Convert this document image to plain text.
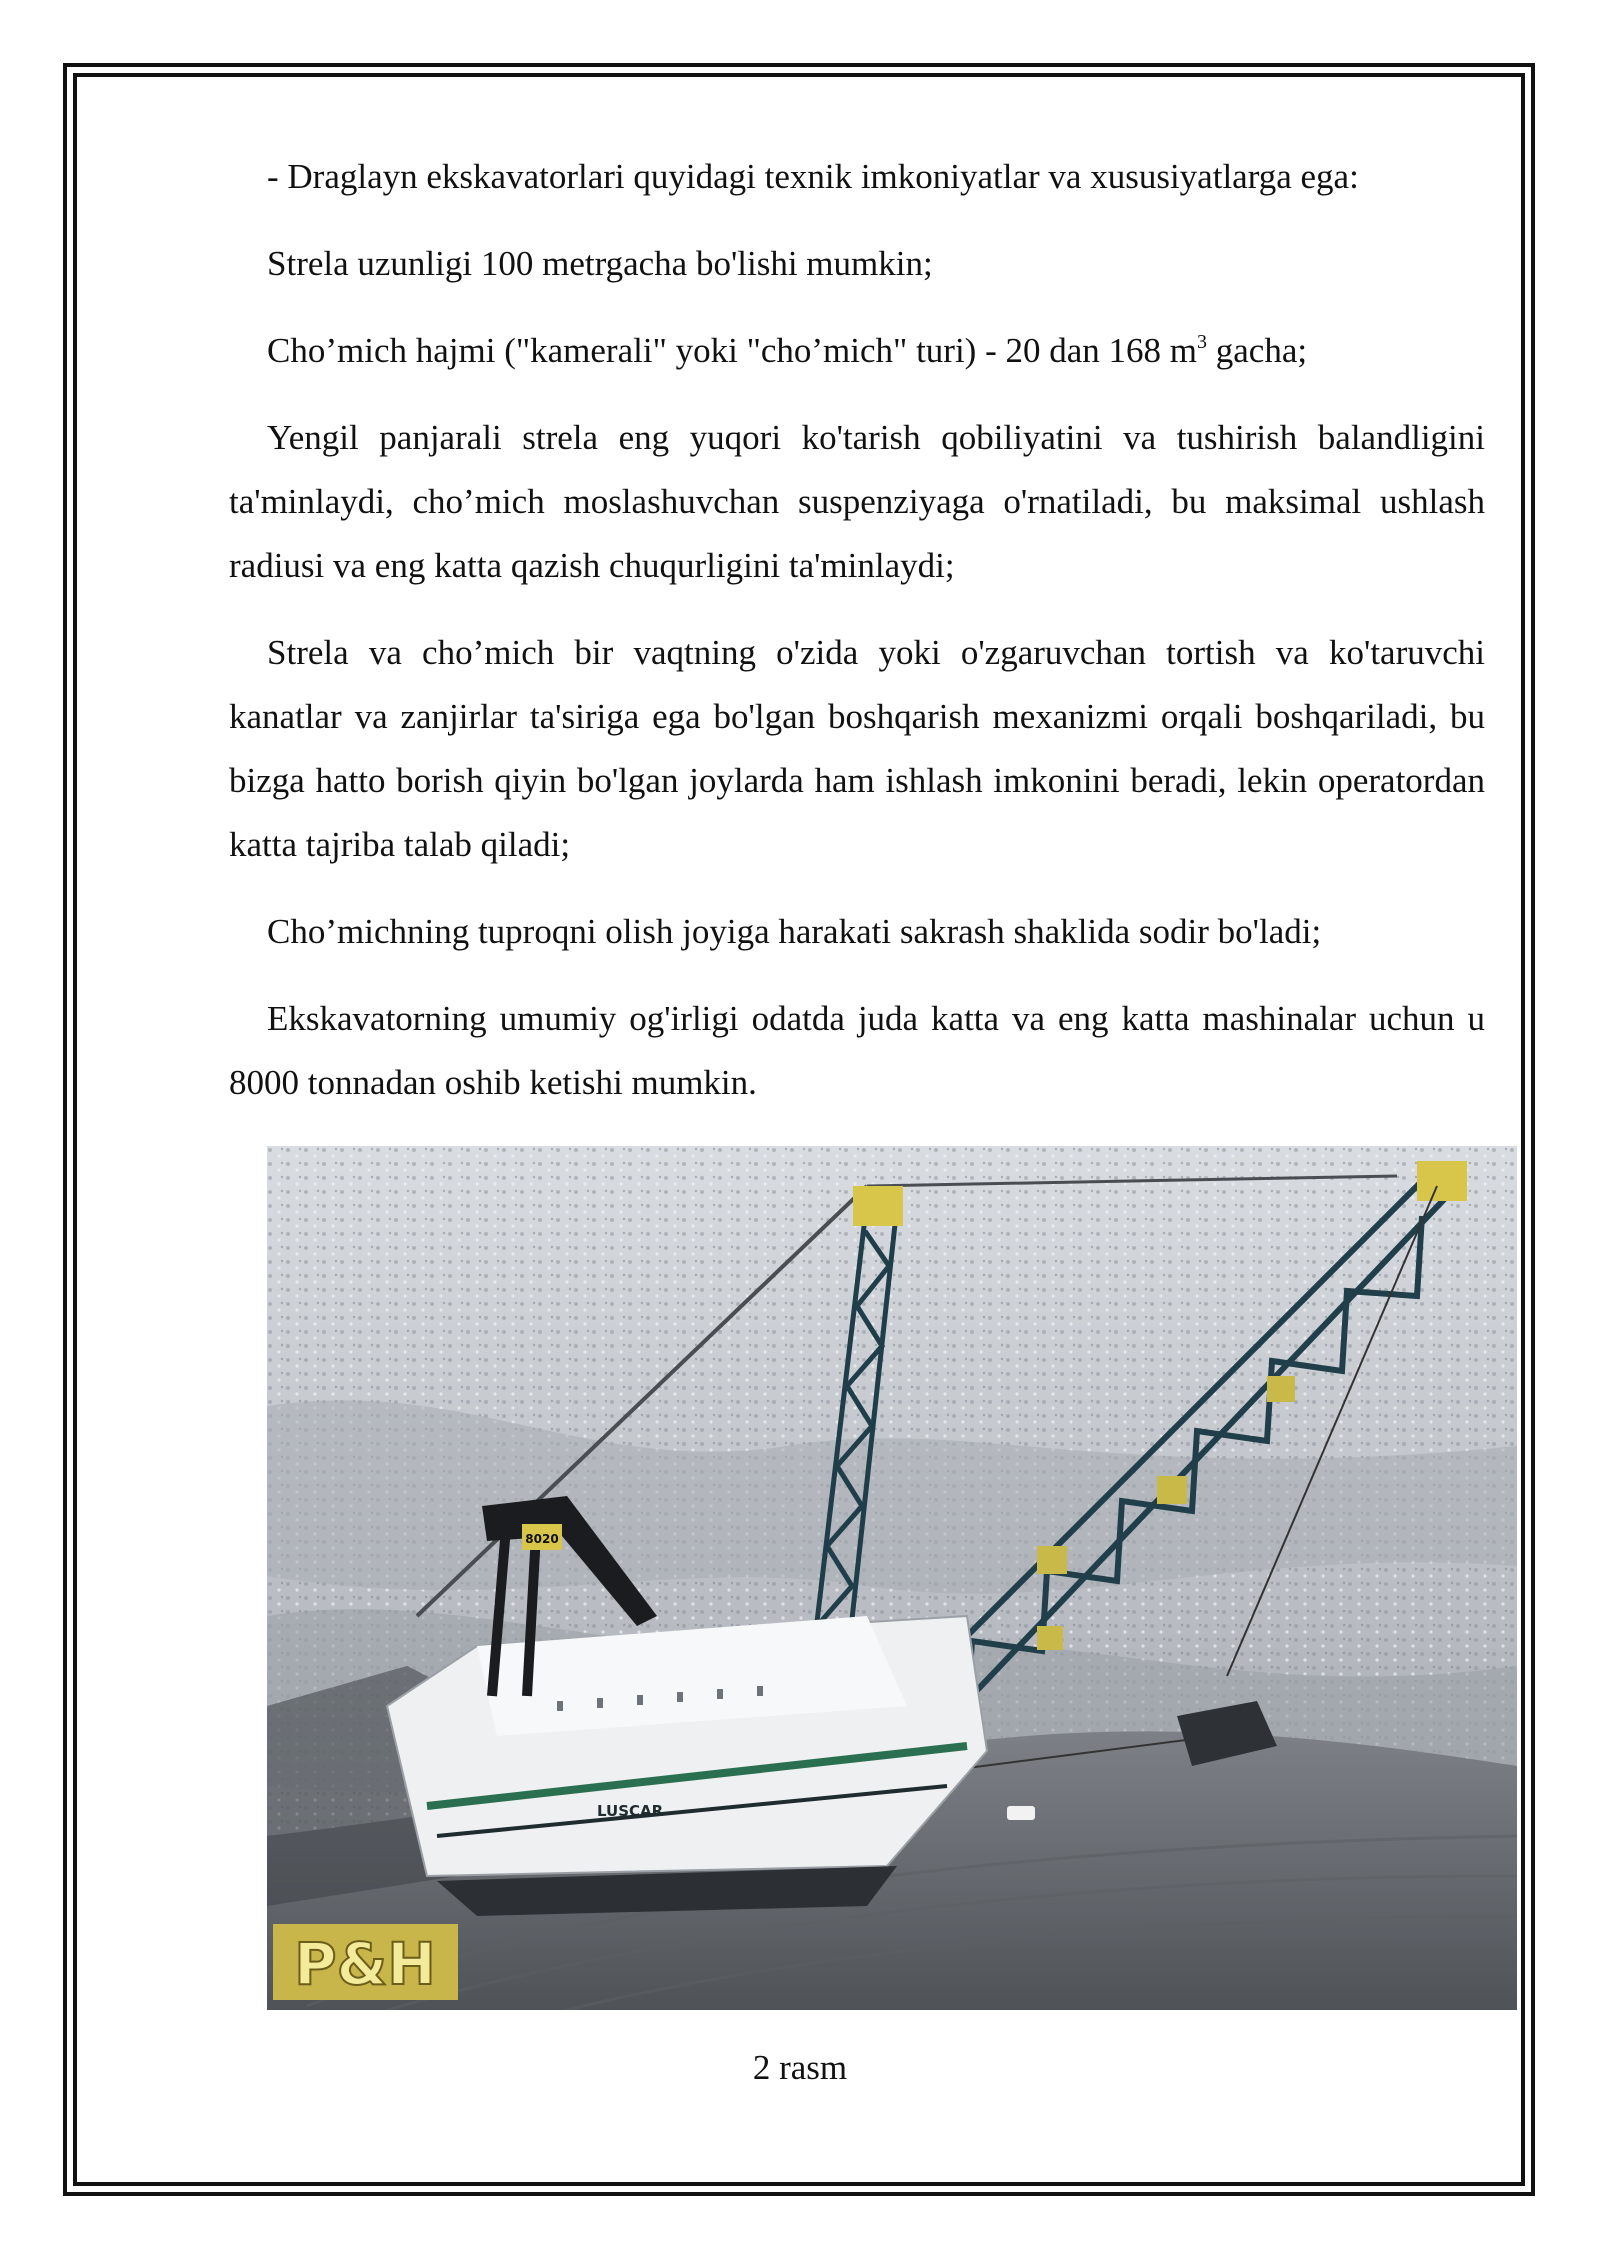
- Draglayn ekskavatorlari quyidagi texnik imkoniyatlar va xususiyatlarga ega:

Strela uzunligi 100 metrgacha bo'lishi mumkin;

Cho’mich hajmi ("kamerali" yoki "cho’mich" turi) - 20 dan 168 $m^3$ gacha;

Yengil panjarali strela eng yuqori ko'tarish qobiliyatini va tushirish balandligini ta'minlaydi, cho’mich moslashuvchan suspenziyaga o'rnatiladi, bu maksimal ushlash radiusi va eng katta qazish chuqurligini ta'minlaydi;

Strela va cho’mich bir vaqtning o'zida yoki o'zgaruvchan tortish va ko'taruvchi kanatlar va zanjirlar ta'siriga ega bo'lgan boshqarish mexanizmi orqali boshqariladi, bu bizga hatto borish qiyin bo'lgan joylarda ham ishlash imkonini beradi, lekin operatordan katta tajriba talab qiladi;

Cho’michning tuproqni olish joyiga harakati sakrash shaklida sodir bo'ladi;

Ekskavatorning umumiy og'irligi odatda juda katta va eng katta mashinalar uchun u 8000 tonnadan oshib ketishi mumkin.

8020
LUSCAR
P&H
2 rasm
